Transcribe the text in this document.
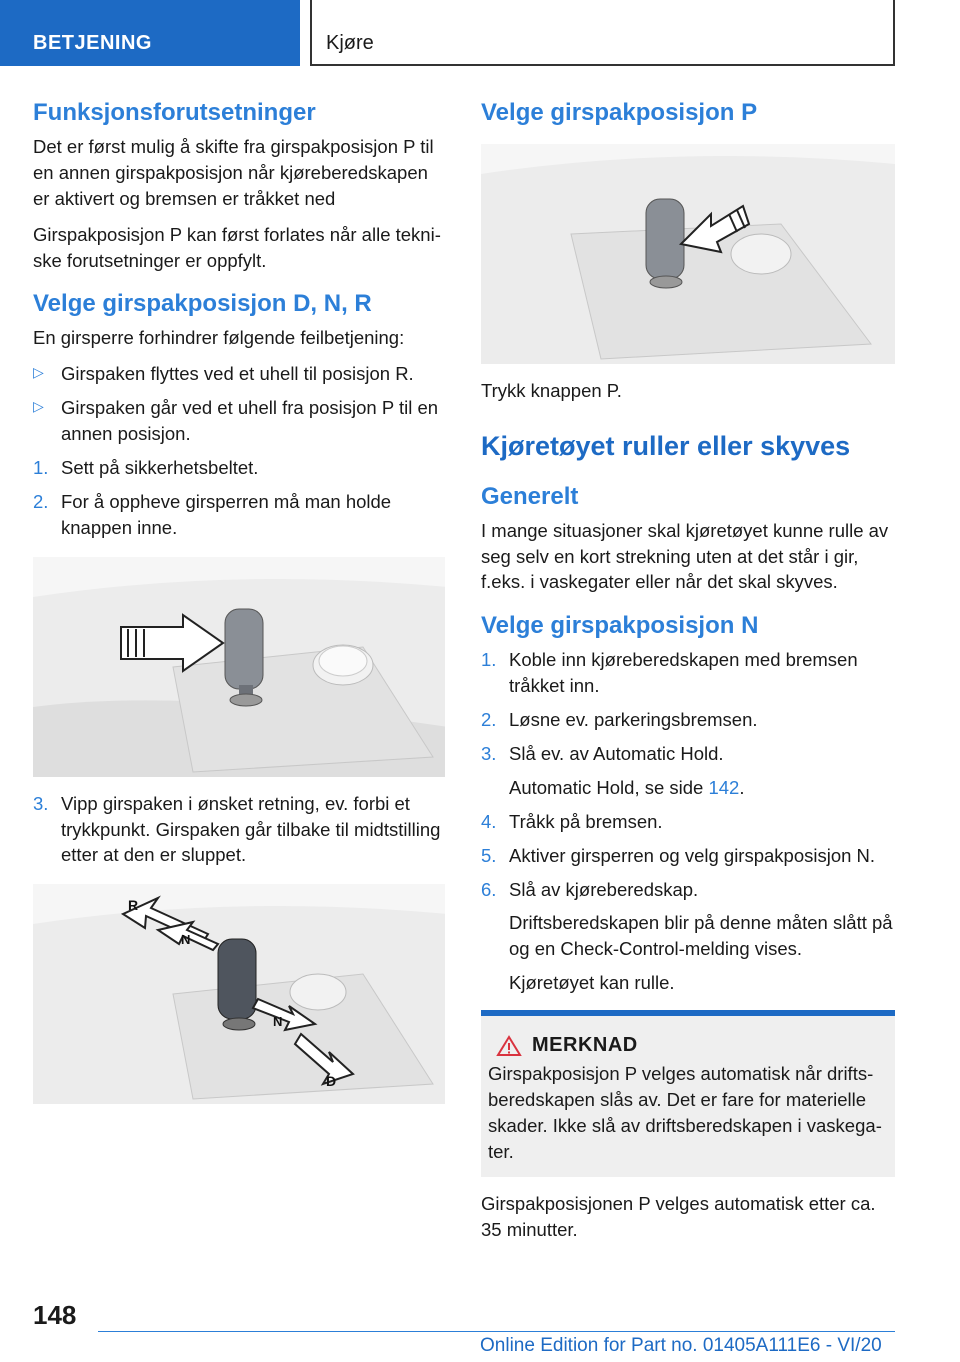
BETJENING	Kjøre
Funksjonsforutsetninger

Det er først mulig å skifte fra girspakposisjon P til en annen girspakposisjon når kjøreberedskapen er aktivert og bremsen er tråkket ned

Girspakposisjon P kan først forlates når alle tekniske forutsetninger er oppfylt.

Velge girspakposisjon D, N, R

En girsperre forhindrer følgende feilbetjening:

▷ Girspaken flyttes ved et uhell til posisjon R.
▷ Girspaken går ved et uhell fra posisjon P til en annen posisjon.
1. Sett på sikkerhetsbeltet.
2. For å oppheve girsperren må man holde knappen inne.
3. Vipp girspaken i ønsket retning, ev. forbi et trykkpunkt. Girspaken går tilbake til midtstilling etter at den er sluppet.
R
N
N
D
Velge girspakposisjon P

Trykk knappen P.

Kjøretøyet ruller eller skyves
Generelt

I mange situasjoner skal kjøretøyet kunne rulle av seg selv en kort strekning uten at det står i gir, f.eks. i vaskegater eller når det skal skyves.

Velge girspakposisjon N
1. Koble inn kjøreberedskapen med bremsen tråkket inn.
2. Løsne ev. parkeringsbremsen.
3. Slå ev. av Automatic Hold.
Automatic Hold, se side 142.
4. Tråkk på bremsen.
5. Aktiver girsperren og velg girspakposisjon N.
6. Slå av kjøreberedskap.
Driftsberedskapen blir på denne måten slått på og en Check-Control-melding vises.
Kjøretøyet kan rulle.
MERKNAD

Girspakposisjon P velges automatisk når driftsberedskapen slås av. Det er fare for materielle skader. Ikke slå av driftsberedskapen i vaskegater.

Girspakposisjonen P velges automatisk etter ca. 35 minutter.

148
Online Edition for Part no. 01405A111E6 - VI/20
